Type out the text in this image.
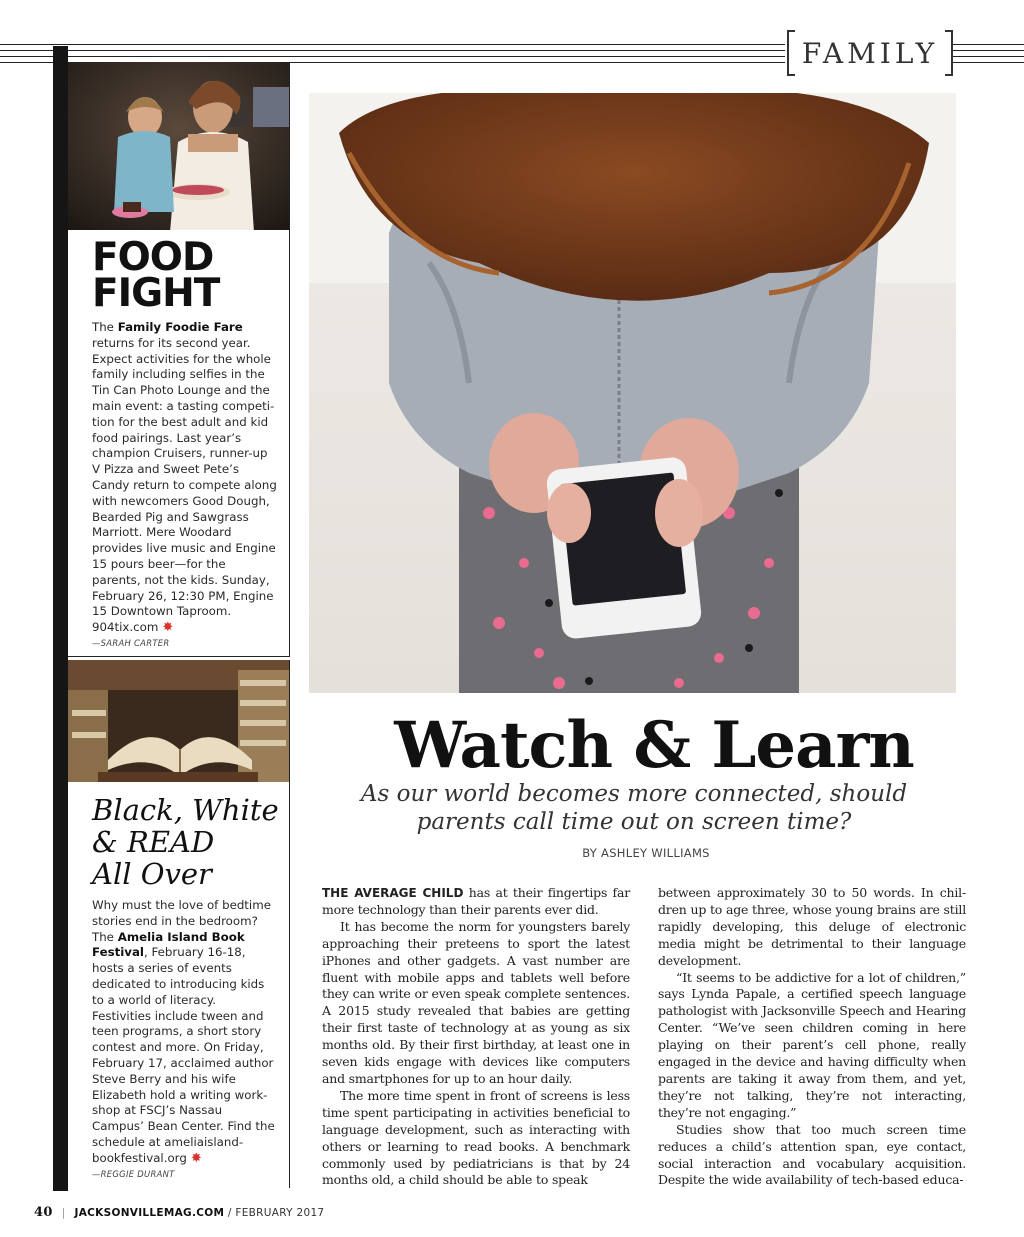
FAMILY
FOOD
FIGHT
The Family Foodie Fare returns for its second year. Expect activities for the whole family including selfies in the Tin Can Photo Lounge and the main event: a tasting competi-tion for the best adult and kid food pairings. Last year’s champion Cruisers, runner-up V Pizza and Sweet Pete’s Candy return to compete along with newcomers Good Dough, Bearded Pig and Sawgrass Marriott. Mere Woodard provides live music and Engine 15 pours beer—for the parents, not the kids. Sunday, February 26, 12:30 PM, Engine 15 Downtown Taproom. 904tix.com ✸
—SARAH CARTER
Black, White
& READ
All Over
Why must the love of bedtime stories end in the bedroom? The Amelia Island Book Festival, February 16-18, hosts a series of events dedicated to introducing kids to a world of literacy. Festivities include tween and teen programs, a short story contest and more. On Friday, February 17, acclaimed author Steve Berry and his wife Elizabeth hold a writing work-shop at FSCJ’s Nassau Campus’ Bean Center. Find the schedule at ameliaisland-bookfestival.org ✸
—REGGIE DURANT
Watch & Learn
As our world becomes more connected, should parents call time out on screen time?
BY ASHLEY WILLIAMS

THE AVERAGE CHILD has at their fingertips far more technology than their parents ever did.

It has become the norm for youngsters barely approaching their preteens to sport the latest iPhones and other gadgets. A vast number are fluent with mobile apps and tablets well before they can write or even speak complete sentences. A 2015 study revealed that babies are getting their first taste of technology at as young as six months old. By their first birthday, at least one in seven kids engage with devices like computers and smartphones for up to an hour daily.

The more time spent in front of screens is less time spent participating in activities beneficial to language development, such as interacting with others or learning to read books. A benchmark commonly used by pediatricians is that by 24 months old, a child should be able to speak

between approximately 30 to 50 words. In chil-dren up to age three, whose young brains are still rapidly developing, this deluge of electronic media might be detrimental to their language development.

“It seems to be addictive for a lot of children,” says Lynda Papale, a certified speech language pathologist with Jacksonville Speech and Hearing Center. “We’ve seen children coming in here playing on their parent’s cell phone, really engaged in the device and having difficulty when parents are taking it away from them, and yet, they’re not talking, they’re not interacting, they’re not engaging.”

Studies show that too much screen time reduces a child’s attention span, eye contact, social interaction and vocabulary acquisition. Despite the wide availability of tech-based educa-

40 | JACKSONVILLEMAG.COM / FEBRUARY 2017
